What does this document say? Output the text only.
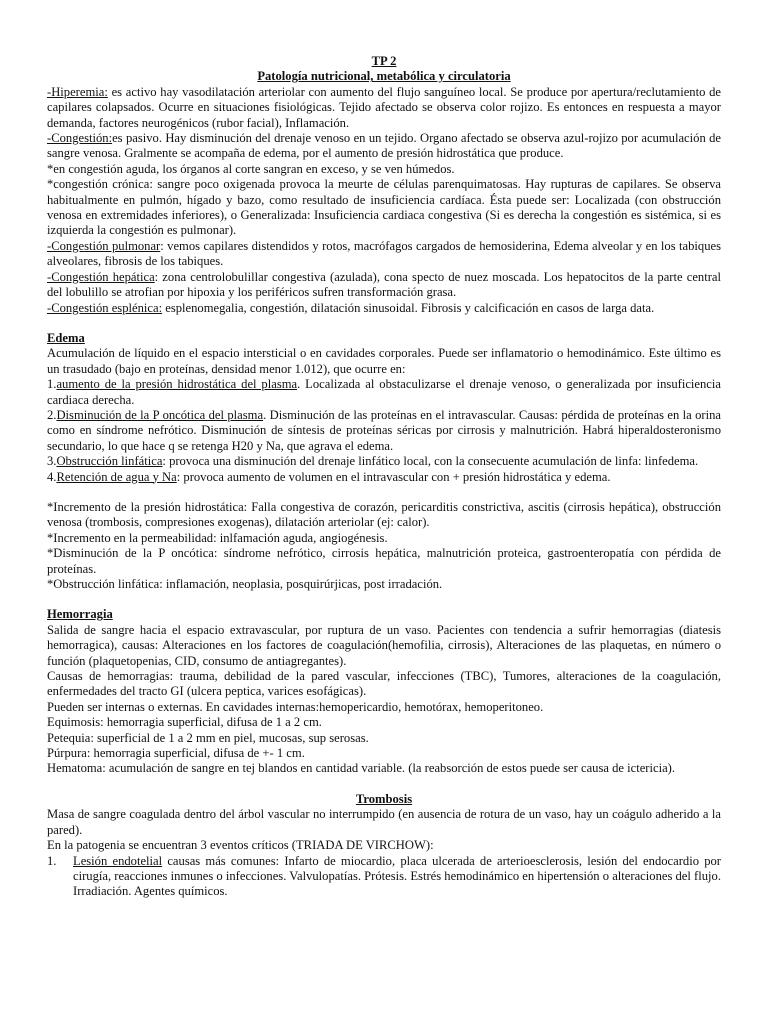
TP 2
Patología nutricional, metabólica y circulatoria

-Hiperemia: es activo hay vasodilatación arteriolar con aumento del flujo sanguíneo local. Se produce por apertura/reclutamiento de capilares colapsados. Ocurre en situaciones fisiológicas. Tejido afectado se observa color rojizo. Es entonces en respuesta a mayor demanda, factores neurogénicos (rubor facial), Inflamación.

-Congestión:es pasivo. Hay disminución del drenaje venoso en un tejido. Organo afectado se observa azul-rojizo por acumulación de sangre venosa. Gralmente se acompaña de edema, por el aumento de presión hidrostática que produce.

*en congestión aguda, los órganos al corte sangran en exceso, y se ven húmedos.

*congestión crónica: sangre poco oxigenada provoca la meurte de células parenquimatosas. Hay rupturas de capilares. Se observa habitualmente en pulmón, hígado y bazo, como resultado de insuficiencia cardíaca. Ésta puede ser: Localizada (con obstrucción venosa en extremidades inferiores), o Generalizada: Insuficiencia cardiaca congestiva (Si es derecha la congestión es sistémica, si es izquierda la congestión es pulmonar).

-Congestión pulmonar: vemos capilares distendidos y rotos, macrófagos cargados de hemosiderina, Edema alveolar y en los tabiques alveolares, fibrosis de los tabiques.

-Congestión hepática: zona centrolobulillar congestiva (azulada), cona specto de nuez moscada. Los hepatocitos de la parte central del lobulillo se atrofian por hipoxia y los periféricos sufren transformación grasa.

-Congestión esplénica: esplenomegalia, congestión, dilatación sinusoidal. Fibrosis y calcificación en casos de larga data.

Edema

Acumulación de líquido en el espacio intersticial o en cavidades corporales. Puede ser inflamatorio o hemodinámico. Este último es un trasudado (bajo en proteínas, densidad menor 1.012), que ocurre en:

1.aumento de la presión hidrostática del plasma. Localizada al obstaculizarse el drenaje venoso, o generalizada por insuficiencia cardiaca derecha.

2.Disminución de la P oncótica del plasma. Disminución de las proteínas en el intravascular. Causas: pérdida de proteínas en la orina como en síndrome nefrótico. Disminución de síntesis de proteínas séricas por cirrosis y malnutrición. Habrá hiperaldosteronismo secundario, lo que hace q se retenga H20 y Na, que agrava el edema.

3.Obstrucción linfática: provoca una disminución del drenaje linfático local, con la consecuente acumulación de linfa: linfedema.

4.Retención de agua y Na: provoca aumento de volumen en el intravascular con + presión hidrostática y edema.

*Incremento de la presión hidrostática: Falla congestiva de corazón, pericarditis constrictiva, ascitis (cirrosis hepática), obstrucción venosa (trombosis, compresiones exogenas), dilatación arteriolar (ej: calor).

*Incremento en la permeabilidad: inlfamación aguda, angiogénesis.

*Disminución de la P oncótica: síndrome nefrótico, cirrosis hepática, malnutrición proteica, gastroenteropatía con pérdida de proteínas.

*Obstrucción linfática: inflamación, neoplasia, posquirúrjicas, post irradación.

Hemorragia

Salida de sangre hacia el espacio extravascular, por ruptura de un vaso. Pacientes con tendencia a sufrir hemorragias (diatesis hemorragica), causas: Alteraciones en los factores de coagulación(hemofilia, cirrosis), Alteraciones de las plaquetas, en número o función (plaquetopenias, CID, consumo de antiagregantes).

Causas de hemorragias: trauma, debilidad de la pared vascular, infecciones (TBC), Tumores, alteraciones de la coagulación, enfermedades del tracto GI (ulcera peptica, varices esofágicas).

Pueden ser internas o externas. En cavidades internas:hemopericardio, hemotórax, hemoperitoneo.

Equimosis: hemorragia superficial, difusa de 1 a 2 cm.

Petequia: superficial de 1 a 2 mm en piel, mucosas, sup serosas.

Púrpura: hemorragia superficial, difusa de +- 1 cm.

Hematoma: acumulación de sangre en tej blandos en cantidad variable. (la reabsorción de estos puede ser causa de ictericia).

Trombosis

Masa de sangre coagulada dentro del árbol vascular no interrumpido (en ausencia de rotura de un vaso, hay un coágulo adherido a la pared).

En la patogenia se encuentran 3 eventos críticos (TRIADA DE VIRCHOW):

1.	Lesión endotelial causas más comunes: Infarto de miocardio, placa ulcerada de arterioesclerosis, lesión del endocardio por cirugía, reacciones inmunes o infecciones. Valvulopatías. Prótesis. Estrés hemodinámico en hipertensión o alteraciones del flujo. Irradiación. Agentes químicos.
